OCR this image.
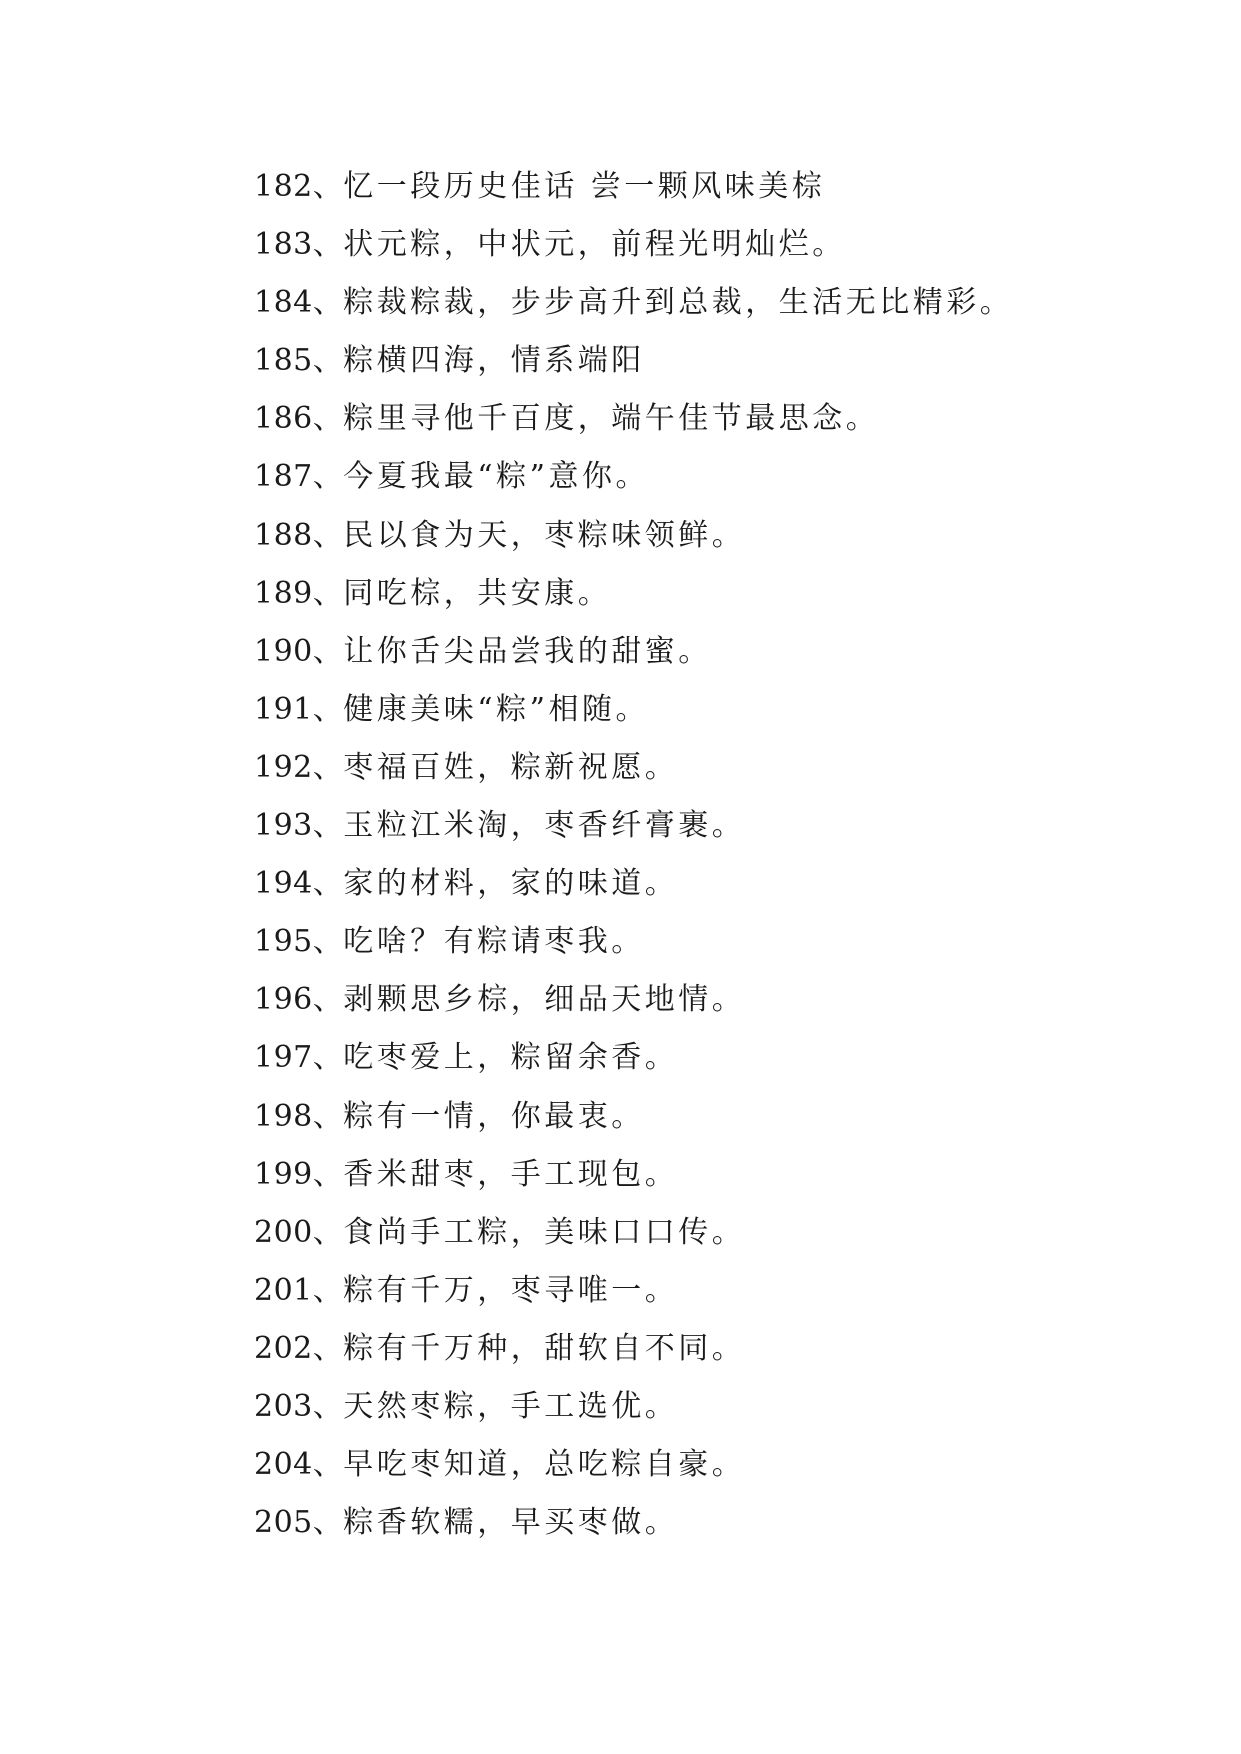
182、忆一段历史佳话 尝一颗风味美棕
183、状元粽，中状元，前程光明灿烂。
184、粽裁粽裁，步步高升到总裁，生活无比精彩。
185、粽横四海，情系端阳
186、粽里寻他千百度，端午佳节最思念。
187、今夏我最“粽”意你。
188、民以食为天，枣粽味领鲜。
189、同吃棕，共安康。
190、让你舌尖品尝我的甜蜜。
191、健康美味“粽”相随。
192、枣福百姓，粽新祝愿。
193、玉粒江米淘，枣香纤膏裹。
194、家的材料，家的味道。
195、吃啥？有粽请枣我。
196、剥颗思乡棕，细品天地情。
197、吃枣爱上，粽留余香。
198、粽有一情，你最衷。
199、香米甜枣，手工现包。
200、食尚手工粽，美味口口传。
201、粽有千万，枣寻唯一。
202、粽有千万种，甜软自不同。
203、天然枣粽，手工选优。
204、早吃枣知道，总吃粽自豪。
205、粽香软糯，早买枣做。
